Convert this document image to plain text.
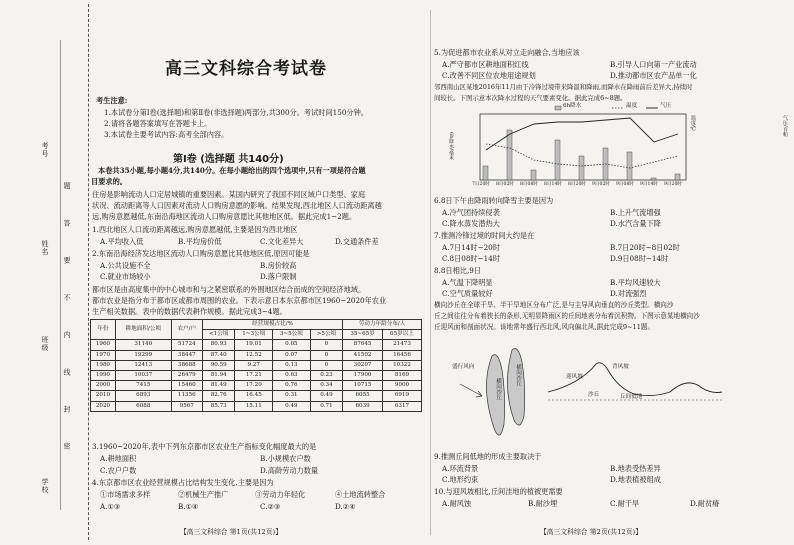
考号
姓名
班级
学校
题 答 要 不 内 线 封 密
高三文科综合考试卷
考生注意:
1.本试卷分第Ⅰ卷(选择题)和第Ⅱ卷(非选择题)两部分,共300分。考试时间150分钟。
2.请将各题答案填写在答题卡上。
3.本试卷主要考试内容:高考全部内容。
第Ⅰ卷 (选择题 共140分)
本卷共35小题,每小题4分,共140分。在每小题给出的四个选项中,只有一项是符合题
目要求的。
住房是影响流动人口定居城镇的重要因素。某国内研究了我国不同区域户口类型、家庭
状况、流动距离等人口因素对流动人口购房意愿的影响。结果发现,西北地区人口流动距离越
远,购房意愿越低,东南沿海地区流动人口购房意愿比其他地区低。据此完成1~2题。
1.西北地区人口流动距离越远,购房意愿越低,主要是因为西北地区
A.平均收入低	B.平均房价低	C.文化差异大	D.交通条件差
2.东南沿海经济发达地区流动人口购房意愿比其他地区低,原因可能是
A.公共设施不全	B.房价较高
C.就业市场较小	D.落户限制
都市区是由高度集中的中心城市和与之紧密联系的外围地区结合而成的空间经济地域。
都市农业是指分布于都市区或都市周围的农业。下表示意日本东京都市区1960~2020年农业
生产相关数据。表中的数据代表耕作规模。据此完成3~4题。
年份	耕地面积/公顷	农户/户	经营规模占比/%				劳动力年龄分布/人	
			<1公顷	1~3公顷	3~5公顷	>5公顷	35~65岁	65岁以上
1960	31140	51724	80.93	19.01	0.05	0	87645	21473
1970	19299	38447	87.40	12.52	0.07	0	41502	16456
1980	12413	38688	90.59	9.27	0.13	0	30207	10322
1990	10037	26479	81.94	17.21	0.63	0.23	17900	8169
2000	7415	15460	81.49	17.20	0.76	0.34	10715	9000
2010	6893	11356	82.76	16.45	0.31	0.49	6055	6919
2020	6088	9567	85.73	15.11	0.49	0.71	6039	6317
3.1960~2020年,表中下列东京都市区农业生产指标变化幅度最大的是
A.耕地面积	B.小规模农户数
C.农户户数	D.高龄劳动力数量
4.东京都市区农业经营规模占比结构发生变化,主要是因为
①市场需求多样	②机械生产推广	③劳动力年轻化	④土地流转整合
A.①③	B.①④	C.②③	D.②④
【高三文科综合 第1页(共12页)】
5.为促进都市农业系从对立走向融合,当地应该
A.严守都市区耕地面积红线	B.引导人口向第一产业流动
C.改善不同区位农地用途规划	D.推动都市区农产品单一化
邻西南山区某地2016年11月由于冷锋过境带来降温和降雨,而降水在降雨前后差异大,持续时
间较长。下图示意本次降水过程的天气要素变化。据此完成6~8题。
6h降水	温度	气压
6h降水/毫米
温度/℃	气压/百帕
7日20时 8日02时 8日08时 8日14时 8日20时 9日02时 9日08时 9日14时 9日20时
6.8日下午由降雨转向降雪主要是因为
A.冷气团持续侵袭	B.上升气流增强
C.降水蒸发潜热大	D.水汽含量下降
7.推测冷锋过境的时间大约是在
A.7日14时~20时	B.7日20时~8日02时
C.8日08时~14时	D.9日08时~14时
8.8日相比,9日
A.气温下降明显	B.平均风速较大
C.空气质量较好	D.对流强烈
横向沙丘在全球干旱、半干旱地区分布广泛,是与主导风向垂直的沙丘类型。横向沙
丘之间往往分布着狭长的条形,无明显降雨区的丘间地表分布着沉积物。下图示意某地横向沙
丘迎风面和剖面状况。该地常年盛行西北风,风向偏北风,据此完成9~11题。
盛行风向
横向沙丘
横向沙丘	背风坡
丘间低地
沙丘
迎风坡
9.推测丘间低地的形成主要取决于
A.环流背景	B.地表受热差异
C.地形约束	D.地表植被组成
10.与迎风坡相比,丘间洼地的植被更需要
A.耐风蚀	B.耐沙埋	C.耐干旱	D.耐贫瘠
【高三文科综合 第2页(共12页)】
